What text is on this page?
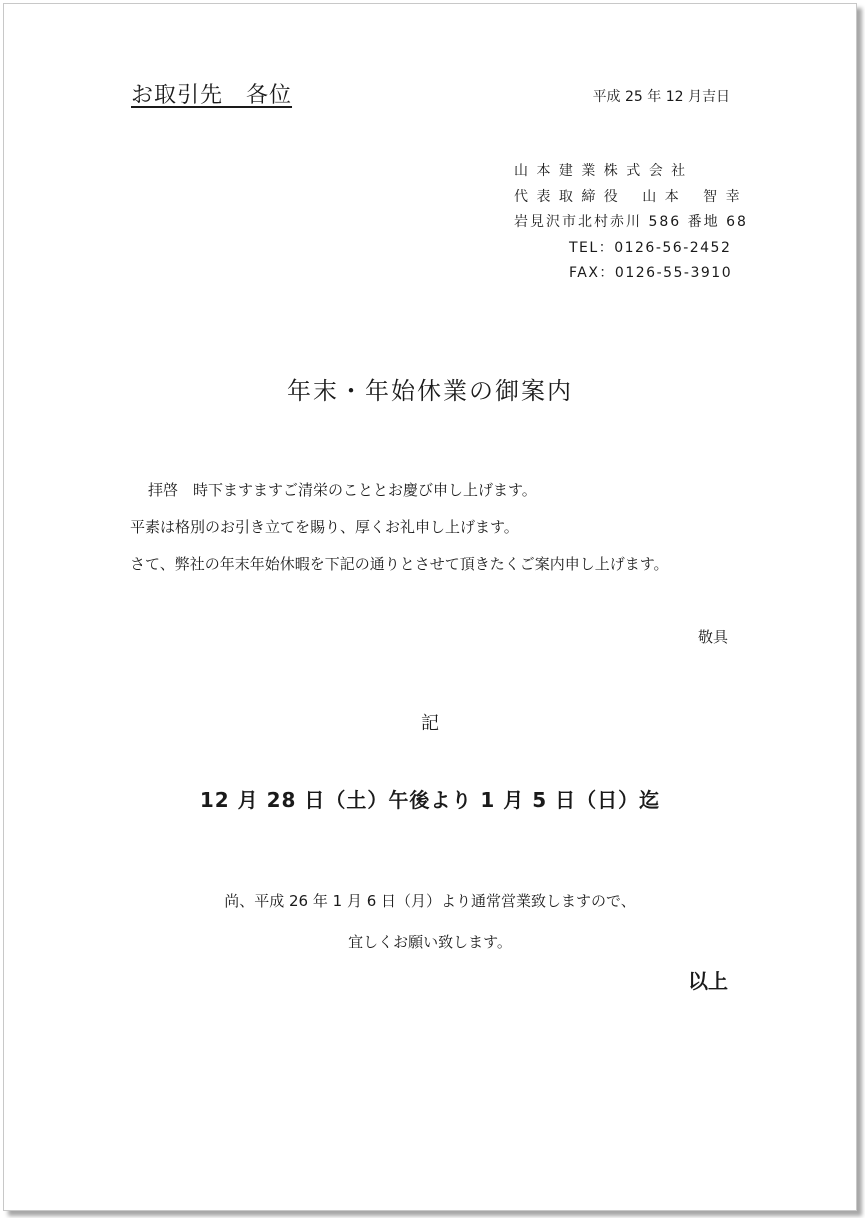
お取引先　各位	平成 25 年 12 月吉日
山 本 建 業 株 式 会 社
代 表 取 締 役　 山 本 　智 幸
岩見沢市北村赤川 586 番地 68
TEL：0126-56-2452
FAX：0126-55-3910
年末・年始休業の御案内
拝啓　時下ますますご清栄のこととお慶び申し上げます。
平素は格別のお引き立てを賜り、厚くお礼申し上げます。
さて、弊社の年末年始休暇を下記の通りとさせて頂きたくご案内申し上げます。
敬具
記
12 月 28 日（土）午後より 1 月 5 日（日）迄
尚、平成 26 年 1 月 6 日（月）より通常営業致しますので、
宜しくお願い致します。
以上
